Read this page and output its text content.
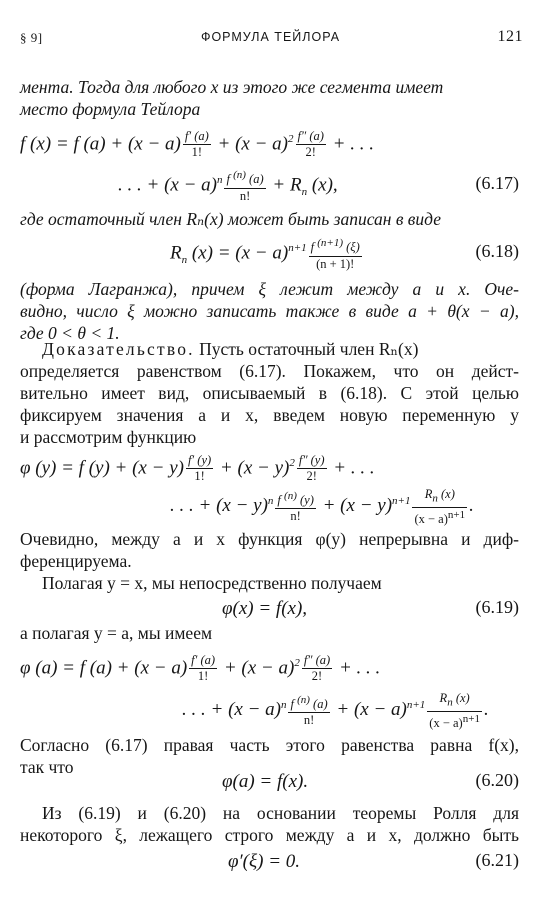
§ 9]	ФОРМУЛА ТЕЙЛОРА	121
мента. Тогда для любого x из этого же сегмента имеет
место формула Тейлора
f (x) = f $(a) + (x - a) \frac{f' (a)}{1!} + (x - a)^2 \frac{f'' (a)}{2!}$ + . . .
. . . + $(x - a)^n \frac{f ^{(n)} (a)}{n!} + R_n$ (x),	(6.17)
где остаточный член Rₙ(x) может быть записан в виде
$R_n$ $(x) = (x - a)^{n+1} \frac{f ^{(n+1)} (\xi)}{(n + 1)!}$	(6.18)
(форма Лагранжа), причем ξ лежит между a и x. Оче-
видно, число ξ можно записать также в виде a + θ(x − a),
где 0 < θ < 1.
Доказательство. Пусть остаточный член Rₙ(x)
определяется равенством (6.17). Покажем, что он дейст-
вительно имеет вид, описываемый в (6.18). С этой целью
фиксируем значения a и x, введем новую переменную y
и рассмотрим функцию
φ (y) = f $(y) + (x - y) \frac{f' (y)}{1!} + (x - y)^2 \frac{f'' (y)}{2!}$ + . . .
. . . + $(x - y)^n \frac{f ^{(n)} (y)}{n!} + (x - y)^{n+1} \frac{R_n (x)}{(x - a)^{n+1}}$ .
Очевидно, между a и x функция φ(y) непрерывна и диф-
ференцируема.
Полагая y = x, мы непосредственно получаем
φ(x) = f(x),	(6.19)
а полагая y = a, мы имеем
φ (a) = f $(a) + (x - a) \frac{f' (a)}{1!} + (x - a)^2 \frac{f'' (a)}{2!}$ + . . .
. . . + $(x - a)^n \frac{f ^{(n)} (a)}{n!} + (x - a)^{n+1} \frac{R_n (x)}{(x - a)^{n+1}}$ .
Согласно (6.17) правая часть этого равенства равна f(x),
так что
φ(a) = f(x).	(6.20)
Из (6.19) и (6.20) на основании теоремы Ролля для
некоторого ξ, лежащего строго между a и x, должно быть
φ′(ξ) = 0.	(6.21)
